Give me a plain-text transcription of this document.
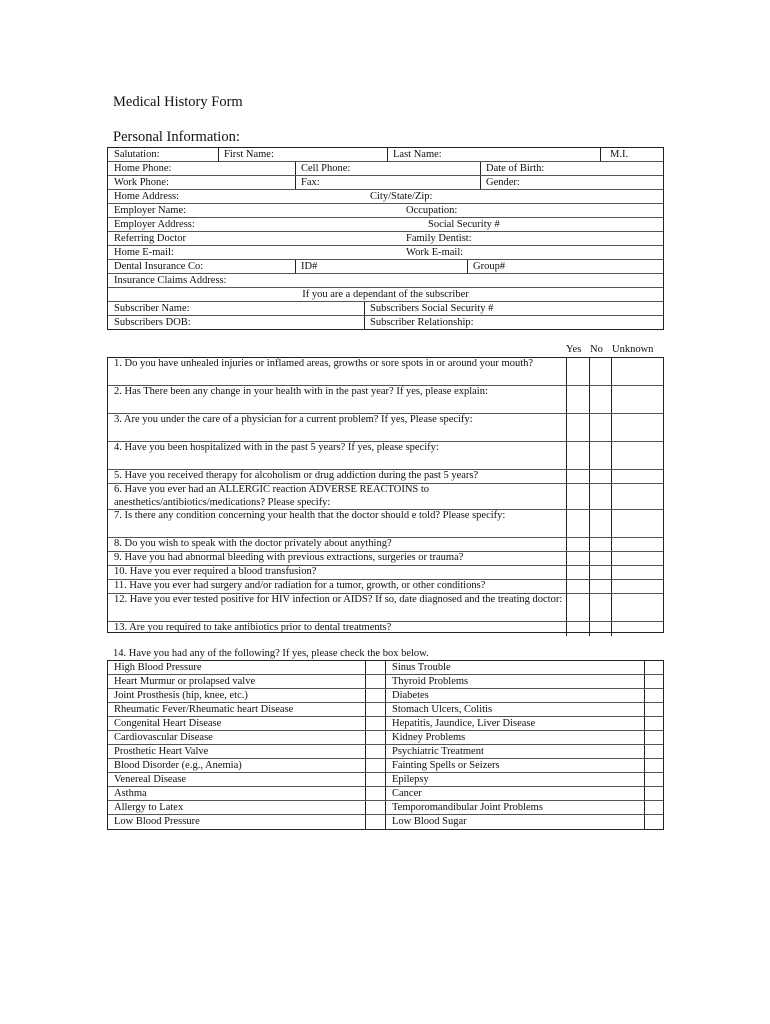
Medical History Form
Personal Information:
Salutation:	First Name:	Last Name:	M.I.
Home Phone:	Cell Phone:	Date of Birth:
Work Phone:	Fax:	Gender:
Home Address:	City/State/Zip:
Employer Name:	Occupation:
Employer Address:	Social Security #
Referring Doctor	Family Dentist:
Home E-mail:	Work E-mail:
Dental Insurance Co:	ID#	Group#
Insurance Claims Address:
If you are a dependant of the subscriber
Subscriber Name:	Subscribers Social Security #
Subscribers DOB:	Subscriber Relationship:
Yes No Unknown
1. Do you have unhealed injuries or inflamed areas, growths or sore spots in or around your mouth?
2. Has There been any change in your health with in the past year? If yes, please explain:
3. Are you under the care of a physician for a current problem? If yes, Please specify:
4. Have you been hospitalized with in the past 5 years? If yes, please specify:
5. Have you received therapy for alcoholism or drug addiction during the past 5 years?
6. Have you ever had an ALLERGIC reaction ADVERSE REACTOINS to anesthetics/antibiotics/medications? Please specify:
7. Is there any condition concerning your health that the doctor should e told? Please specify:
8. Do you wish to speak with the doctor privately about anything?
9. Have you had abnormal bleeding with previous extractions, surgeries or trauma?
10. Have you ever required a blood transfusion?
11. Have you ever had surgery and/or radiation for a tumor, growth, or other conditions?
12. Have you ever tested positive for HIV infection or AIDS? If so, date diagnosed and the treating doctor:
13. Are you required to take antibiotics prior to dental treatments?
14. Have you had any of the following? If yes, please check the box below.
High Blood Pressure	Sinus Trouble
Heart Murmur or prolapsed valve	Thyroid Problems
Joint Prosthesis (hip, knee, etc.)	Diabetes
Rheumatic Fever/Rheumatic heart Disease	Stomach Ulcers, Colitis
Congenital Heart Disease	Hepatitis, Jaundice, Liver Disease
Cardiovascular Disease	Kidney Problems
Prosthetic Heart Valve	Psychiatric Treatment
Blood Disorder (e.g., Anemia)	Fainting Spells or Seizers
Venereal Disease	Epilepsy
Asthma	Cancer
Allergy to Latex	Temporomandibular Joint Problems
Low Blood Pressure	Low Blood Sugar
